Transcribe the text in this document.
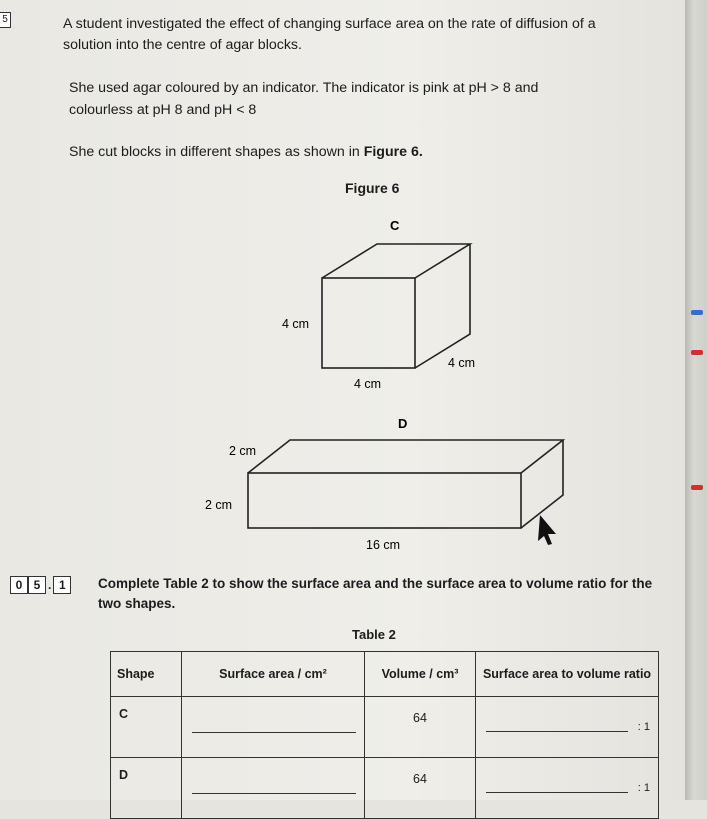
5	A student investigated the effect of changing surface area on the rate of diffusion of a

solution into the centre of agar blocks.

She used agar coloured by an indicator. The indicator is pink at pH > 8 and

colourless at pH 8 and pH < 8

She cut blocks in different shapes as shown in Figure 6.

Figure 6
C
4 cm
4 cm
4 cm
D
2 cm
2 cm
16 cm
0 5 . 1	Complete Table 2 to show the surface area and the surface area to volume ratio for the

two shapes.

Table 2
Shape	Surface area / cm²	Volume / cm³	Surface area to volume ratio
C		64	: 1

D		64	: 1
